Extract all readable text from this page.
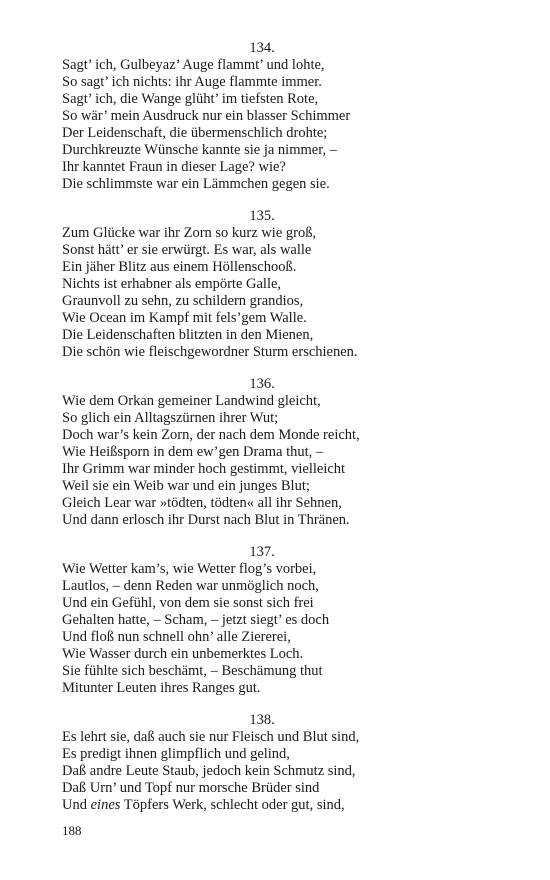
134.
Sagt’ ich, Gulbeyaz’ Auge flammt’ und lohte,
So sagt’ ich nichts: ihr Auge flammte immer.
Sagt’ ich, die Wange glüht’ im tiefsten Rote,
So wär’ mein Ausdruck nur ein blasser Schimmer
Der Leidenschaft, die übermenschlich drohte;
Durchkreuzte Wünsche kannte sie ja nimmer, –
Ihr kanntet Fraun in dieser Lage? wie?
Die schlimmste war ein Lämmchen gegen sie.
135.
Zum Glücke war ihr Zorn so kurz wie groß,
Sonst hätt’ er sie erwürgt. Es war, als walle
Ein jäher Blitz aus einem Höllenschooß.
Nichts ist erhabner als empörte Galle,
Graunvoll zu sehn, zu schildern grandios,
Wie Ocean im Kampf mit fels’gem Walle.
Die Leidenschaften blitzten in den Mienen,
Die schön wie fleischgewordner Sturm erschienen.
136.
Wie dem Orkan gemeiner Landwind gleicht,
So glich ein Alltagszürnen ihrer Wut;
Doch war’s kein Zorn, der nach dem Monde reicht,
Wie Heißsporn in dem ew’gen Drama thut, –
Ihr Grimm war minder hoch gestimmt, vielleicht
Weil sie ein Weib war und ein junges Blut;
Gleich Lear war »tödten, tödten« all ihr Sehnen,
Und dann erlosch ihr Durst nach Blut in Thränen.
137.
Wie Wetter kam’s, wie Wetter flog’s vorbei,
Lautlos, – denn Reden war unmöglich noch,
Und ein Gefühl, von dem sie sonst sich frei
Gehalten hatte, – Scham, – jetzt siegt’ es doch
Und floß nun schnell ohn’ alle Ziererei,
Wie Wasser durch ein unbemerktes Loch.
Sie fühlte sich beschämt, – Beschämung thut
Mitunter Leuten ihres Ranges gut.
138.
Es lehrt sie, daß auch sie nur Fleisch und Blut sind,
Es predigt ihnen glimpflich und gelind,
Daß andre Leute Staub, jedoch kein Schmutz sind,
Daß Urn’ und Topf nur morsche Brüder sind
Und eines Töpfers Werk, schlecht oder gut, sind,
188
